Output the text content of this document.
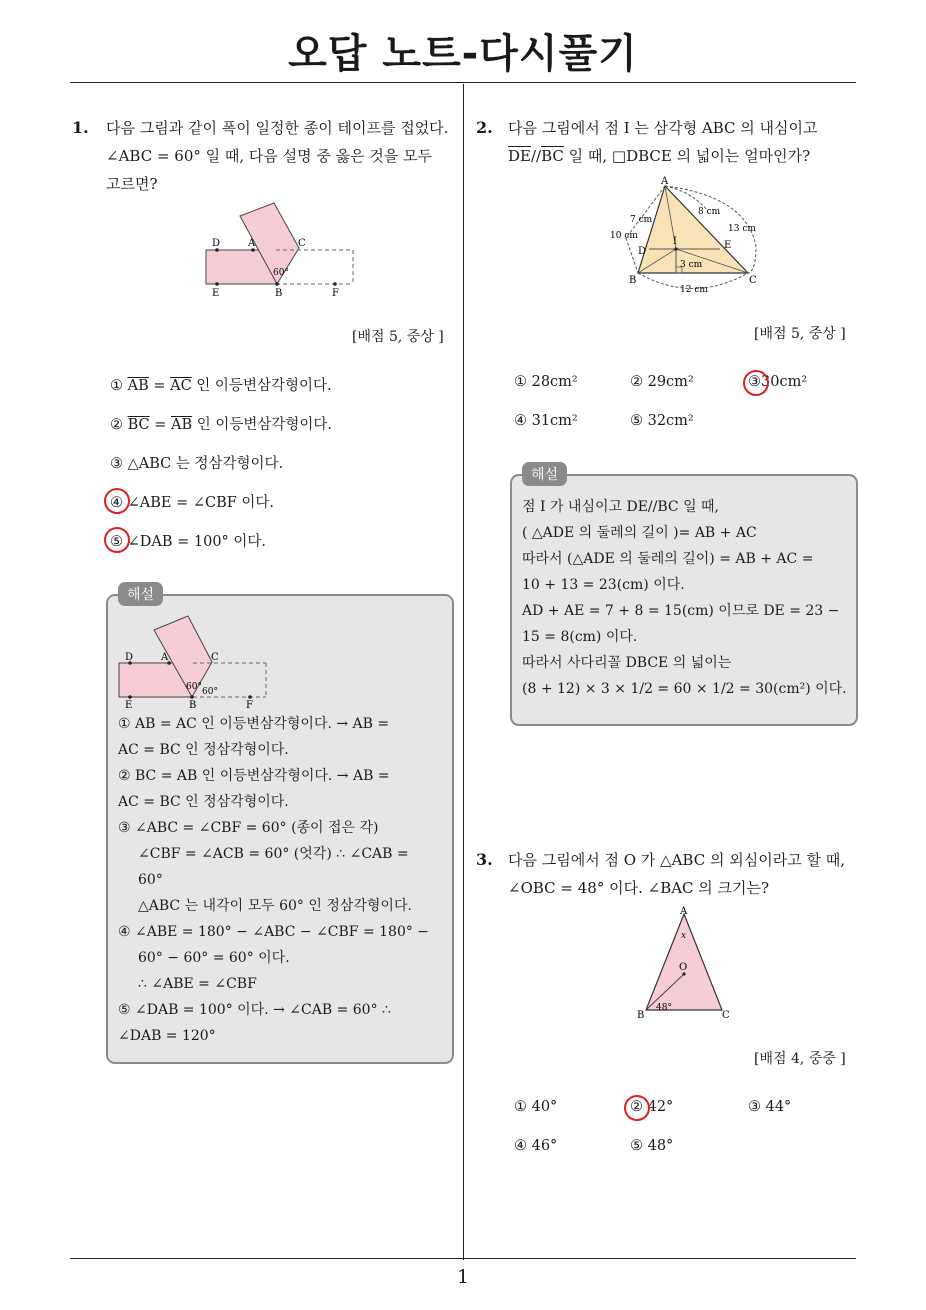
오답 노트-다시풀기
1
1. 다음 그림과 같이 폭이 일정한 종이 테이프를 접었다.
∠ABC = 60° 일 때, 다음 설명 중 옳은 것을 모두
고르면?
D	A	C
E	B	F
60°
[배점 5, 중상 ]
① $\overline{AB} = \overline{AC}$ 인 이등변삼각형이다.
② $\overline{BC} = \overline{AB}$ 인 이등변삼각형이다.
③ △ABC 는 정삼각형이다.
④ ∠ABE = ∠CBF 이다.
⑤ ∠DAB = 100° 이다.
해설
D	A	C
E	B	F
60° 60°
① AB = AC 인 이등변삼각형이다. → AB =
AC = BC 인 정삼각형이다.
② BC = AB 인 이등변삼각형이다. → AB =
AC = BC 인 정삼각형이다.
③ ∠ABC = ∠CBF = 60° (종이 접은 각)
∠CBF = ∠ACB = 60° (엇각) ∴ ∠CAB =
60°
△ABC 는 내각이 모두 60° 인 정삼각형이다.
④ ∠ABE = 180° − ∠ABC − ∠CBF = 180° −
60° − 60° = 60° 이다.
∴ ∠ABE = ∠CBF
⑤ ∠DAB = 100° 이다. → ∠CAB = 60° ∴
∠DAB = 120°
2. 다음 그림에서 점 I 는 삼각형 ABC 의 내심이고
$\overline{DE}//\overline{BC}$ 일 때, □DBCE 의 넓이는 얼마인가?
A
B	C
D
E
I
7 cm
8 cm
10 cm
13 cm
3 cm
12 cm
[배점 5, 중상 ]
① 28cm²	② 29cm²	③30cm²
④ 31cm²	⑤ 32cm²
해설
점 I 가 내심이고 DE//BC 일 때,
( △ADE 의 둘레의 길이 )= AB + AC
따라서 (△ADE 의 둘레의 길이) = AB + AC =
10 + 13 = 23(cm) 이다.
AD + AE = 7 + 8 = 15(cm) 이므로 DE = 23 −
15 = 8(cm) 이다.
따라서 사다리꼴 DBCE 의 넓이는
(8 + 12) × 3 × 1/2 = 60 × 1/2 = 30(cm²) 이다.
3. 다음 그림에서 점 O 가 △ABC 의 외심이라고 할 때,
∠OBC = 48° 이다. ∠BAC 의 크기는?
A
B	C
O
x
48°
[배점 4, 중중 ]
① 40°	② 42°	③ 44°
④ 46°	⑤ 48°
